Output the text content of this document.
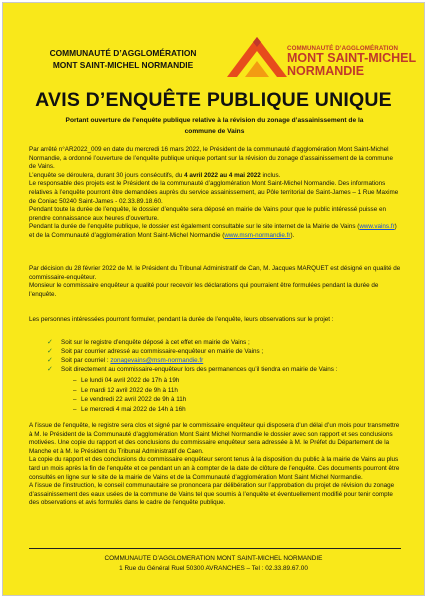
COMMUNAUTÉ D’AGGLOMÉRATION
MONT SAINT-MICHEL NORMANDIE
COMMUNAUTÉ D’AGGLOMÉRATION
MONT SAINT-MICHEL
NORMANDIE
AVIS D’ENQUÊTE PUBLIQUE UNIQUE
Portant ouverture de l’enquête publique relative à la révision du zonage d’assainissement de la
commune de Vains
Par arrêté n°AR2022_009 en date du mercredi 16 mars 2022, le Président de la communauté d’agglomération Mont Saint-Michel Normandie, a ordonné l’ouverture de l’enquête publique unique portant sur la révision du zonage d’assainissement de la commune de Vains.
L’enquête se déroulera, durant 30 jours consécutifs, du 4 avril 2022 au 4 mai 2022 inclus.
Le responsable des projets est le Président de la communauté d’agglomération Mont Saint-Michel Normandie. Des informations relatives à l’enquête pourront être demandées auprès du service assainissement, au Pôle territorial de Saint-James – 1 Rue Maxime de Coniac 50240 Saint-James - 02.33.89.18.60.
Pendant toute la durée de l’enquête, le dossier d’enquête sera déposé en mairie de Vains pour que le public intéressé puisse en prendre connaissance aux heures d’ouverture.
Pendant la durée de l’enquête publique, le dossier est également consultable sur le site internet de la Mairie de Vains (www.vains.fr) et de la Communauté d’agglomération Mont Saint-Michel Normandie (www.msm-normandie.fr).
Par décision du 28 février 2022 de M. le Président du Tribunal Administratif de Can, M. Jacques MARQUET est désigné en qualité de commissaire-enquêteur.
Monsieur le commissaire enquêteur a qualité pour recevoir les déclarations qui pourraient être formulées pendant la durée de l’enquête.
Les personnes intéressées pourront formuler, pendant la durée de l’enquête, leurs observations sur le projet :
✓ Soit sur le registre d’enquête déposé à cet effet en mairie de Vains ;
✓ Soit par courrier adressé au commissaire-enquêteur en mairie de Vains ;
✓ Soit par courriel : zonagevains@msm-normandie.fr
✓ Soit directement au commissaire-enquêteur lors des permanences qu’il tiendra en mairie de Vains :
– Le lundi 04 avril 2022 de 17h à 19h
– Le mardi 12 avril 2022 de 9h à 11h
– Le vendredi 22 avril 2022 de 9h à 11h
– Le mercredi 4 mai 2022 de 14h à 16h
A l’issue de l’enquête, le registre sera clos et signé par le commissaire enquêteur qui disposera d’un délai d’un mois pour transmettre à M. le Président de la Communauté d’agglomération Mont Saint Michel Normandie le dossier avec son rapport et ses conclusions motivées. Une copie du rapport et des conclusions du commissaire enquêteur sera adressée à M. le Préfet du Département de la Manche et à M. le Président du Tribunal Administratif de Caen.
La copie du rapport et des conclusions du commissaire enquêteur seront tenus à la disposition du public à la mairie de Vains au plus tard un mois après la fin de l’enquête et ce pendant un an à compter de la date de clôture de l’enquête. Ces documents pourront être consultés en ligne sur le site de la mairie de Vains et de la Communauté d’agglomération Mont Saint Michel Normandie.
A l’issue de l’instruction, le conseil communautaire se prononcera par délibération sur l’approbation du projet de révision du zonage d’assainissement des eaux usées de la commune de Vains tel que soumis à l’enquête et éventuellement modifié pour tenir compte des observations et avis formulés dans le cadre de l’enquête publique.
COMMUNAUTE D’AGGLOMERATION MONT SAINT-MICHEL NORMANDIE
1 Rue du Général Ruel 50300 AVRANCHES – Tel : 02.33.89.67.00
